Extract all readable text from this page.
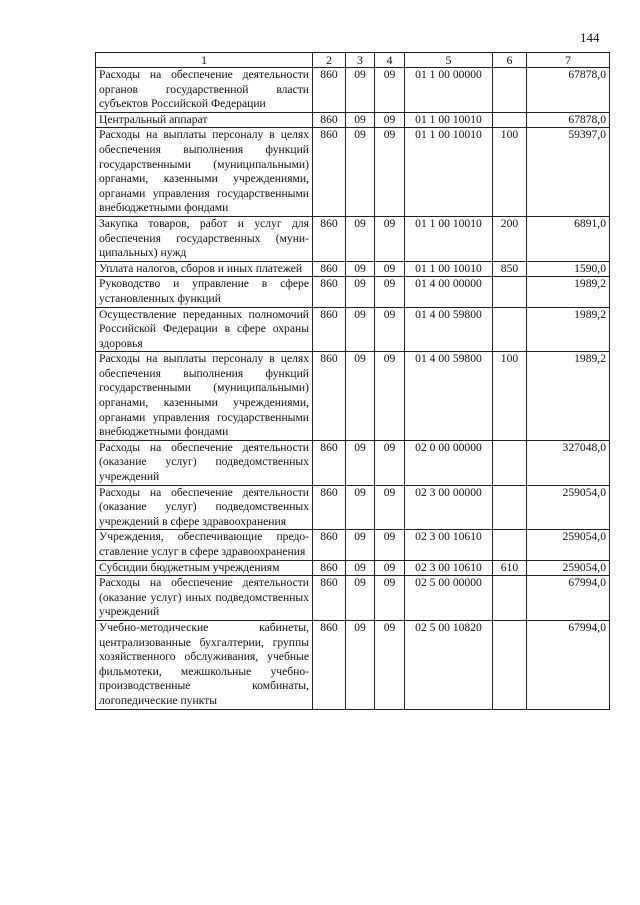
144
1	2	3	4	5	6	7
Расходы на обеспечение деятельности органов государственной власти субъектов Российской Федерации	860	09	09	01 1 00 00000		67878,0
Центральный аппарат	860	09	09	01 1 00 10010		67878,0
Расходы на выплаты персоналу в целях обеспечения выполнения функций государственными (муниципальными) органами, казенными учреждениями, органами управления государственными внебюджетными фондами	860	09	09	01 1 00 10010	100	59397,0
Закупка товаров, работ и услуг для обеспечения государственных (муниципальных) нужд	860	09	09	01 1 00 10010	200	6891,0
Уплата налогов, сборов и иных платежей	860	09	09	01 1 00 10010	850	1590,0
Руководство и управление в сфере установленных функций	860	09	09	01 4 00 00000		1989,2
Осуществление переданных полномочий Российской Федерации в сфере охраны здоровья	860	09	09	01 4 00 59800		1989,2
Расходы на выплаты персоналу в целях обеспечения выполнения функций государственными (муниципальными) органами, казенными учреждениями, органами управления государственными внебюджетными фондами	860	09	09	01 4 00 59800	100	1989,2
Расходы на обеспечение деятельности (оказание услуг) подведомственных учреждений	860	09	09	02 0 00 00000		327048,0
Расходы на обеспечение деятельности (оказание услуг) подведомственных учреждений в сфере здравоохранения	860	09	09	02 3 00 00000		259054,0
Учреждения, обеспечивающие предо-ставление услуг в сфере здравоохранения	860	09	09	02 3 00 10610		259054,0
Субсидии бюджетным учреждениям	860	09	09	02 3 00 10610	610	259054,0
Расходы на обеспечение деятельности (оказание услуг) иных подведомственных учреждений	860	09	09	02 5 00 00000		67994,0
Учебно-методические кабинеты, централизованные бухгалтерии, группы хозяйственного обслуживания, учебные фильмотеки, межшкольные учебно-производственные комбинаты, логопедические пункты	860	09	09	02 5 00 10820		67994,0
